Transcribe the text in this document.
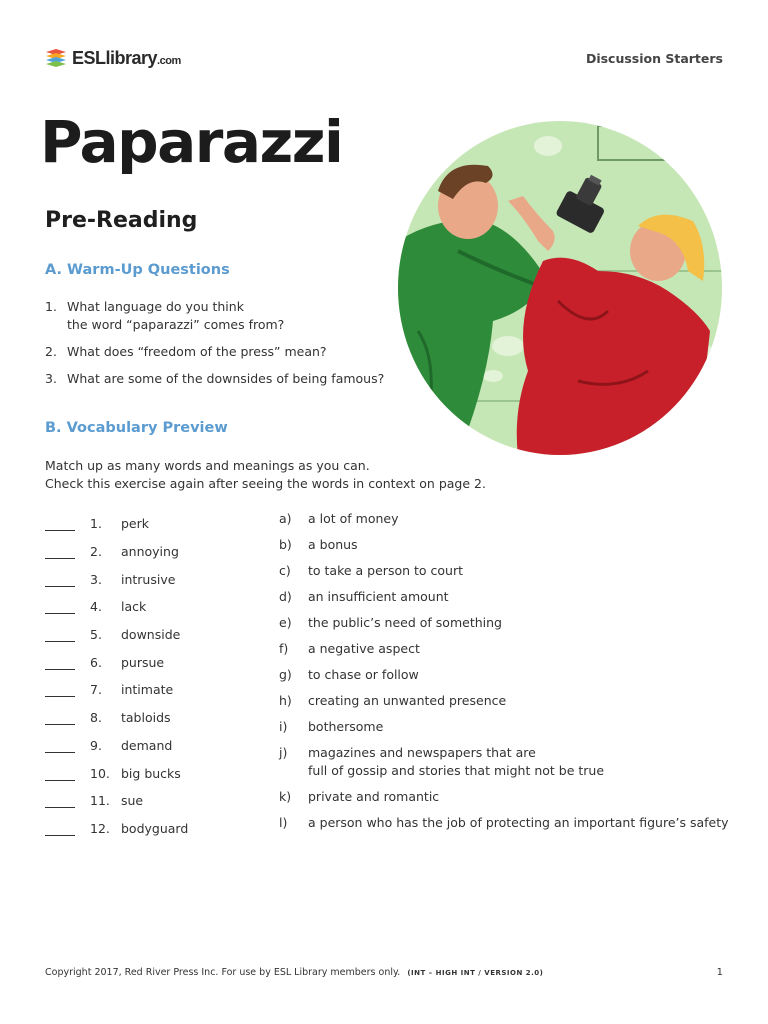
ESLlibrary.com	Discussion Starters
Paparazzi
Pre-Reading
A. Warm-Up Questions
1. What language do you think
the word “paparazzi” comes from?
2. What does “freedom of the press” mean?
3. What are some of the downsides of being famous?
B. Vocabulary Preview
Match up as many words and meanings as you can.
Check this exercise again after seeing the words in context on page 2.
1.	perk
2.	annoying
3.	intrusive
4.	lack
5.	downside
6.	pursue
7.	intimate
8.	tabloids
9.	demand
10. big bucks
11. sue
12. bodyguard
a)	a lot of money
b)	a bonus
c)	to take a person to court
d)	an insufficient amount
e)	the public’s need of something
f)	a negative aspect
g)	to chase or follow
h)	creating an unwanted presence
i)	bothersome
j)	magazines and newspapers that are
full of gossip and stories that might not be true
k)	private and romantic
l)	a person who has the job of protecting an important figure’s safety
Copyright 2017, Red River Press Inc. For use by ESL Library members only. (INT – HIGH INT / VERSION 2.0)	1
